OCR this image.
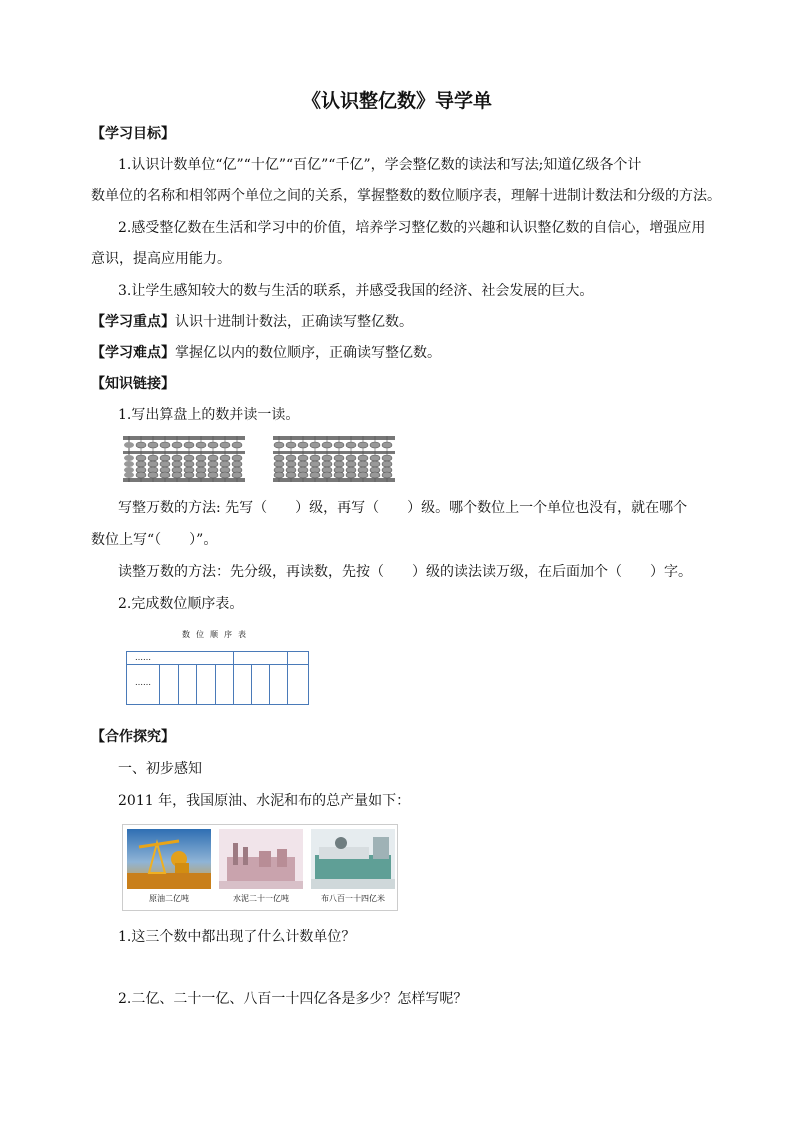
《认识整亿数》导学单
【学习目标】
1.认识计数单位“亿”“十亿”“百亿”“千亿”，学会整亿数的读法和写法;知道亿级各个计
数单位的名称和相邻两个单位之间的关系，掌握整数的数位顺序表，理解十进制计数法和分级的方法。
2.感受整亿数在生活和学习中的价值，培养学习整亿数的兴趣和认识整亿数的自信心，增强应用
意识，提高应用能力。
3.让学生感知较大的数与生活的联系，并感受我国的经济、社会发展的巨大。
【学习重点】认识十进制计数法，正确读写整亿数。
【学习难点】掌握亿以内的数位顺序，正确读写整亿数。
【知识链接】
1.写出算盘上的数并读一读。
写整万数的方法: 先写（　　）级，再写（　　）级。哪个数位上一个单位也没有，就在哪个
数位上写“（　　）”。
读整万数的方法：先分级，再读数，先按（　　）级的读法读万级，在后面加个（　　）字。
2.完成数位顺序表。
数位顺序表
……
……
【合作探究】
一、初步感知
2011 年，我国原油、水泥和布的总产量如下：
原油二亿吨	水泥二十一亿吨	布八百一十四亿米
1.这三个数中都出现了什么计数单位？
2.二亿、二十一亿、八百一十四亿各是多少？怎样写呢？
